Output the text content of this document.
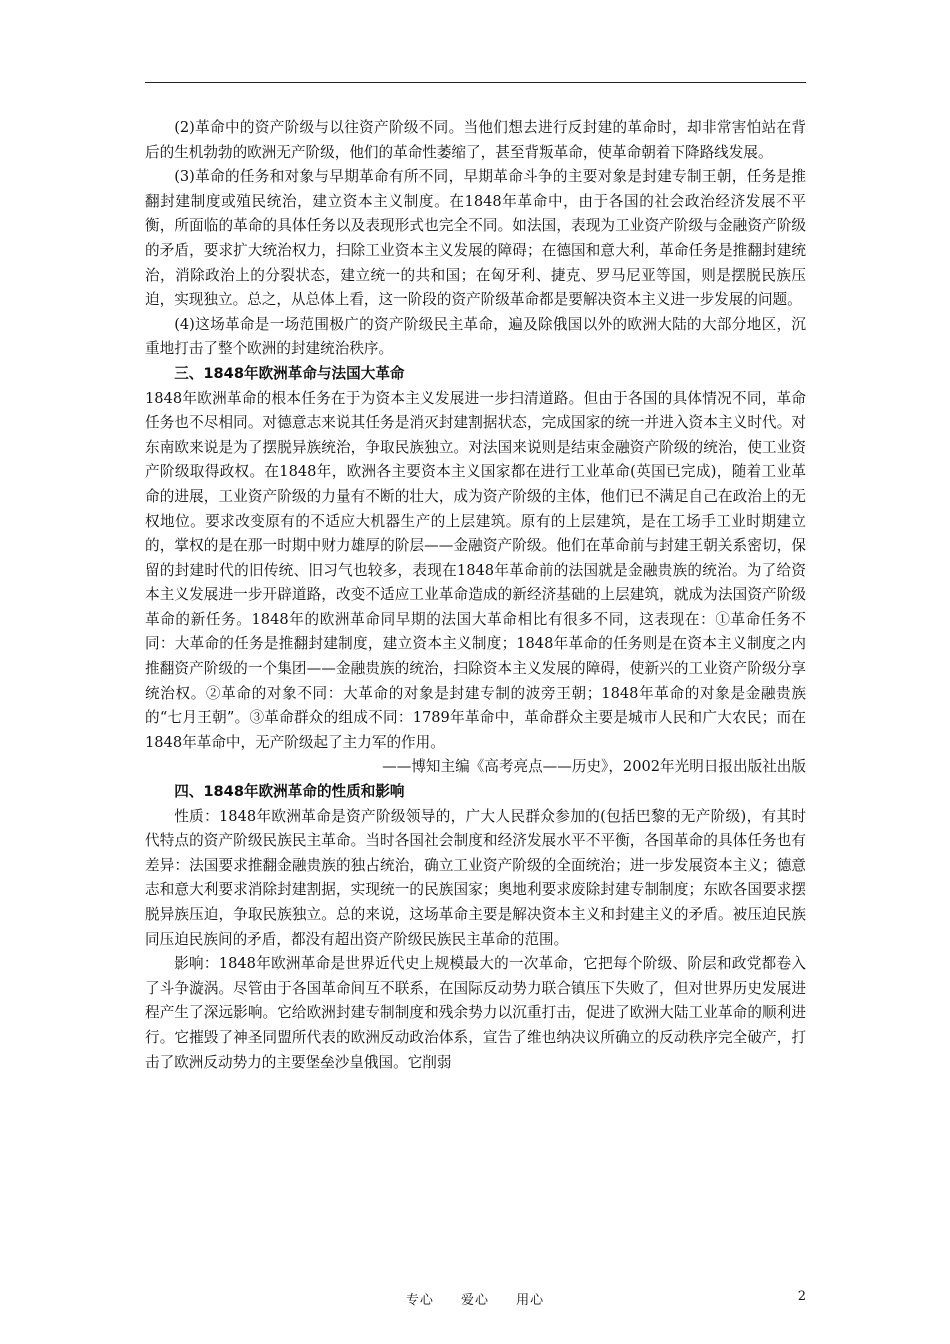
(2)革命中的资产阶级与以往资产阶级不同。当他们想去进行反封建的革命时，却非常害怕站在背后的生机勃勃的欧洲无产阶级，他们的革命性萎缩了，甚至背叛革命，使革命朝着下降路线发展。

(3)革命的任务和对象与早期革命有所不同，早期革命斗争的主要对象是封建专制王朝，任务是推翻封建制度或殖民统治，建立资本主义制度。在1848年革命中，由于各国的社会政治经济发展不平衡，所面临的革命的具体任务以及表现形式也完全不同。如法国，表现为工业资产阶级与金融资产阶级的矛盾，要求扩大统治权力，扫除工业资本主义发展的障碍；在德国和意大利，革命任务是推翻封建统治，消除政治上的分裂状态，建立统一的共和国；在匈牙利、捷克、罗马尼亚等国，则是摆脱民族压迫，实现独立。总之，从总体上看，这一阶段的资产阶级革命都是要解决资本主义进一步发展的问题。

(4)这场革命是一场范围极广的资产阶级民主革命，遍及除俄国以外的欧洲大陆的大部分地区，沉重地打击了整个欧洲的封建统治秩序。

三、1848年欧洲革命与法国大革命

1848年欧洲革命的根本任务在于为资本主义发展进一步扫清道路。但由于各国的具体情况不同，革命任务也不尽相同。对德意志来说其任务是消灭封建割据状态，完成国家的统一并进入资本主义时代。对东南欧来说是为了摆脱异族统治，争取民族独立。对法国来说则是结束金融资产阶级的统治，使工业资产阶级取得政权。在1848年，欧洲各主要资本主义国家都在进行工业革命(英国已完成)，随着工业革命的进展，工业资产阶级的力量有不断的壮大，成为资产阶级的主体，他们已不满足自己在政治上的无权地位。要求改变原有的不适应大机器生产的上层建筑。原有的上层建筑，是在工场手工业时期建立的，掌权的是在那一时期中财力雄厚的阶层——金融资产阶级。他们在革命前与封建王朝关系密切，保留的封建时代的旧传统、旧习气也较多，表现在1848年革命前的法国就是金融贵族的统治。为了给资本主义发展进一步开辟道路，改变不适应工业革命造成的新经济基础的上层建筑，就成为法国资产阶级革命的新任务。1848年的欧洲革命同早期的法国大革命相比有很多不同，这表现在：①革命任务不同：大革命的任务是推翻封建制度，建立资本主义制度；1848年革命的任务则是在资本主义制度之内推翻资产阶级的一个集团——金融贵族的统治，扫除资本主义发展的障碍，使新兴的工业资产阶级分享统治权。②革命的对象不同：大革命的对象是封建专制的波旁王朝；1848年革命的对象是金融贵族的“七月王朝”。③革命群众的组成不同：1789年革命中，革命群众主要是城市人民和广大农民；而在1848年革命中，无产阶级起了主力军的作用。

——博知主编《高考亮点——历史》，2002年光明日报出版社出版

四、1848年欧洲革命的性质和影响

性质：1848年欧洲革命是资产阶级领导的，广大人民群众参加的(包括巴黎的无产阶级)，有其时代特点的资产阶级民族民主革命。当时各国社会制度和经济发展水平不平衡，各国革命的具体任务也有差异：法国要求推翻金融贵族的独占统治，确立工业资产阶级的全面统治；进一步发展资本主义；德意志和意大利要求消除封建割据，实现统一的民族国家；奥地利要求废除封建专制制度；东欧各国要求摆脱异族压迫，争取民族独立。总的来说，这场革命主要是解决资本主义和封建主义的矛盾。被压迫民族同压迫民族间的矛盾，都没有超出资产阶级民族民主革命的范围。

影响：1848年欧洲革命是世界近代史上规模最大的一次革命，它把每个阶级、阶层和政党都卷入了斗争漩涡。尽管由于各国革命间互不联系，在国际反动势力联合镇压下失败了，但对世界历史发展进程产生了深远影响。它给欧洲封建专制制度和残余势力以沉重打击，促进了欧洲大陆工业革命的顺利进行。它摧毁了神圣同盟所代表的欧洲反动政治体系，宣告了维也纳决议所确立的反动秩序完全破产，打击了欧洲反动势力的主要堡垒沙皇俄国。它削弱

专心 爱心 用心	2
